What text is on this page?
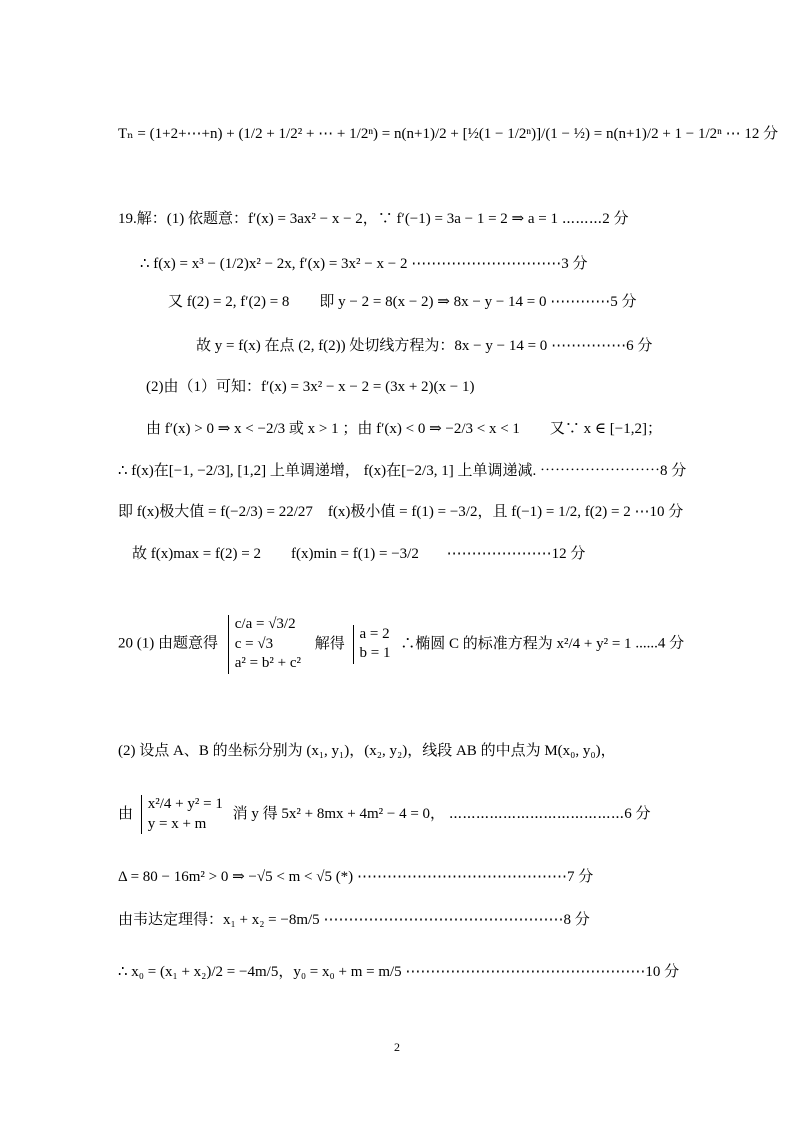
Tₙ = (1+2+⋯+n) + (1/2 + 1/2² + ⋯ + 1/2ⁿ) = n(n+1)/2 + [½(1 − 1/2ⁿ)]/(1 − ½) = n(n+1)/2 + 1 − 1/2ⁿ ⋯ 12 分
19.解：(1) 依题意：f′(x) = 3ax² − x − 2，∵ f′(−1) = 3a − 1 = 2 ⇒ a = 1 ⋯⋯⋯2 分
∴ f(x) = x³ − (1/2)x² − 2x, f′(x) = 3x² − x − 2 ⋯⋯⋯⋯⋯⋯⋯⋯⋯⋯3 分
又 f(2) = 2, f′(2) = 8　　即 y − 2 = 8(x − 2) ⇒ 8x − y − 14 = 0 ⋯⋯⋯⋯5 分
故 y = f(x) 在点 (2, f(2)) 处切线方程为：8x − y − 14 = 0 ⋯⋯⋯⋯⋯6 分
(2)由（1）可知：f′(x) = 3x² − x − 2 = (3x + 2)(x − 1)
由 f′(x) > 0 ⇒ x < −2/3 或 x > 1 ；由 f′(x) < 0 ⇒ −2/3 < x < 1　　又∵ x ∈ [−1,2]；
∴ f(x)在[−1, −2/3], [1,2] 上单调递增， f(x)在[−2/3, 1] 上单调递减. ⋯⋯⋯⋯⋯⋯⋯⋯8 分
即 f(x)极大值 = f(−2/3) = 22/27　f(x)极小值 = f(1) = −3/2，且 f(−1) = 1/2, f(2) = 2 ⋯10 分
故 f(x)max = f(2) = 2　　f(x)min = f(1) = −3/2 ⋯⋯⋯⋯⋯⋯⋯12 分
20 (1) 由题意得
c/a = √3/2
c = √3
a² = b² + c²
解得
a = 2
b = 1
∴椭圆 C 的标准方程为 x²/4 + y² = 1 ......4 分
(2) 设点 A、B 的坐标分别为 (x₁, y₁)，(x₂, y₂)，线段 AB 的中点为 M(x₀, y₀)，
由
x²/4 + y² = 1
y = x + m
消 y 得 5x² + 8mx + 4m² − 4 = 0， ⋯⋯⋯⋯⋯⋯⋯⋯⋯⋯⋯⋯⋯6 分
Δ = 80 − 16m² > 0 ⇒ −√5 < m < √5 (*) ⋯⋯⋯⋯⋯⋯⋯⋯⋯⋯⋯⋯⋯⋯7 分
由韦达定理得：x₁ + x₂ = −8m/5 ⋯⋯⋯⋯⋯⋯⋯⋯⋯⋯⋯⋯⋯⋯⋯⋯8 分
∴ x₀ = (x₁ + x₂)/2 = −4m/5，y₀ = x₀ + m = m/5 ⋯⋯⋯⋯⋯⋯⋯⋯⋯⋯⋯⋯⋯⋯⋯⋯10 分
2
